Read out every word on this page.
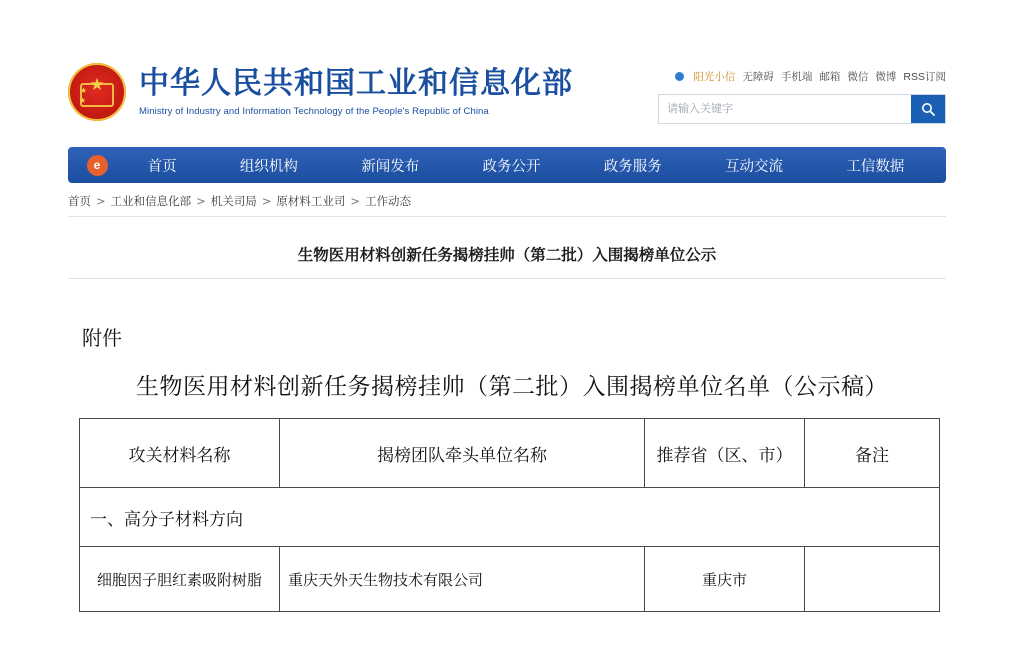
★
★
★ 中华人民共和国工业和信息化部
Ministry of Industry and Information Technology of the People's Republic of China
阳光小信 无障碍 手机端 邮箱 微信 微博 RSS订阅
请输入关键字
e	首页	组织机构	新闻发布	政务公开	政务服务	互动交流	工信数据
首页 > 工业和信息化部 > 机关司局 > 原材料工业司 > 工作动态
生物医用材料创新任务揭榜挂帅（第二批）入围揭榜单位公示
附件
生物医用材料创新任务揭榜挂帅（第二批）入围揭榜单位名单（公示稿）
攻关材料名称	揭榜团队牵头单位名称	推荐省（区、市）	备注
一、高分子材料方向			
细胞因子胆红素吸附树脂	重庆天外天生物技术有限公司	重庆市	
